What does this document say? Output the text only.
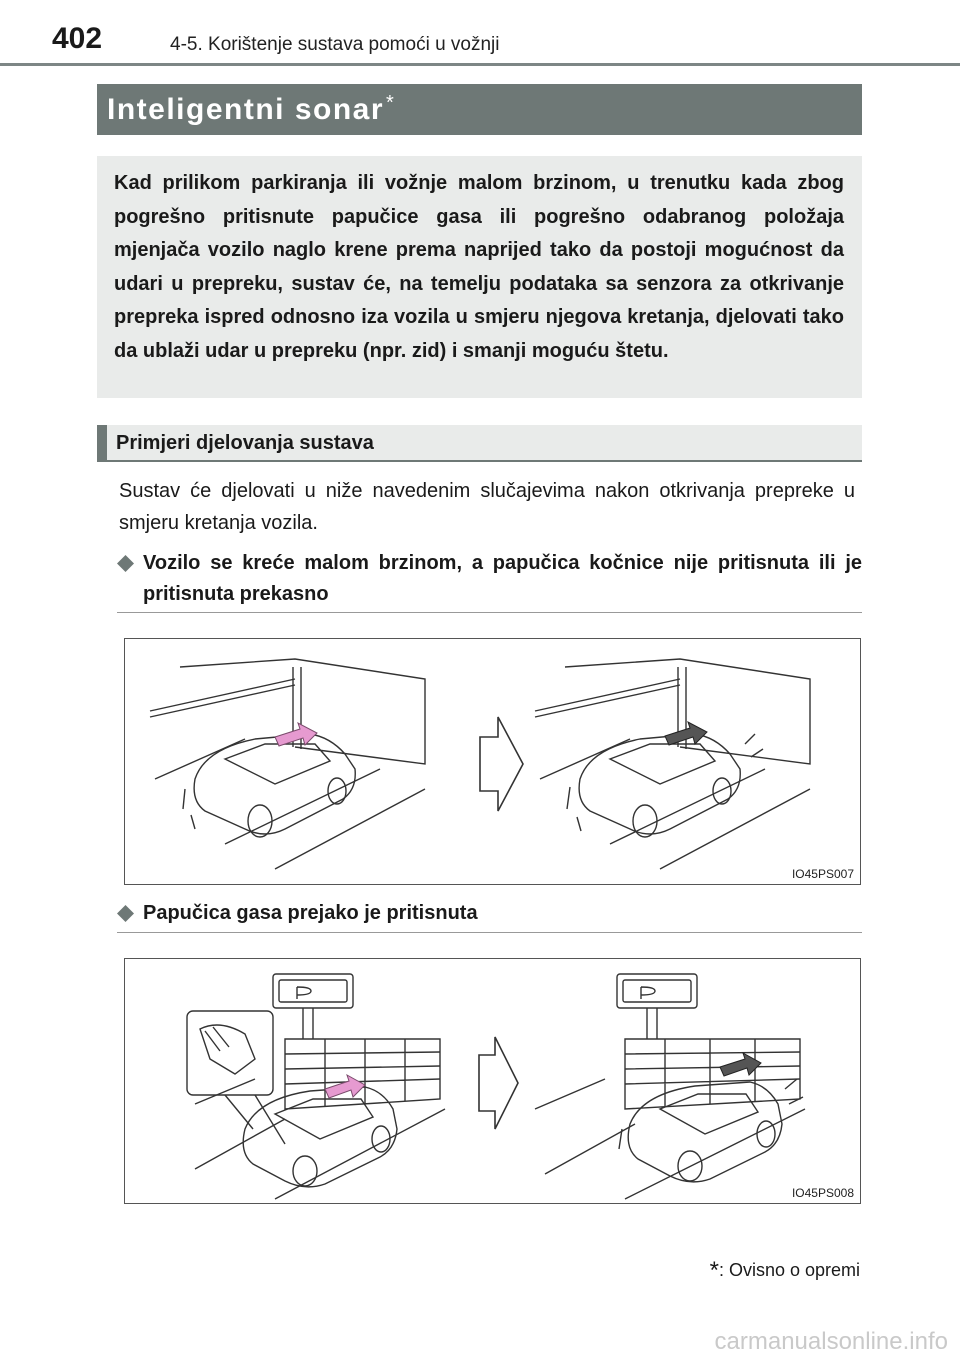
402	4-5. Korištenje sustava pomoći u vožnji
Inteligentni sonar *
Kad prilikom parkiranja ili vožnje malom brzinom, u trenutku kada zbog pogrešno pritisnute papučice gasa ili pogrešno odabranog položaja mjenjača vozilo naglo krene prema naprijed tako da postoji mogućnost da udari u prepreku, sustav će, na temelju podataka sa senzora za otkrivanje prepreka ispred odnosno iza vozila u smjeru njegova kretanja, djelovati tako da ublaži udar u prepreku (npr. zid) i smanji moguću štetu.
Primjeri djelovanja sustava
Sustav će djelovati u niže navedenim slučajevima nakon otkrivanja prepreke u smjeru kretanja vozila.
Vozilo se kreće malom brzinom, a papučica kočnice nije pritisnuta ili je pritisnuta prekasno
IO45PS007
Papučica gasa prejako je pritisnuta
IO45PS008
*: Ovisno o opremi
carmanualsonline.info
